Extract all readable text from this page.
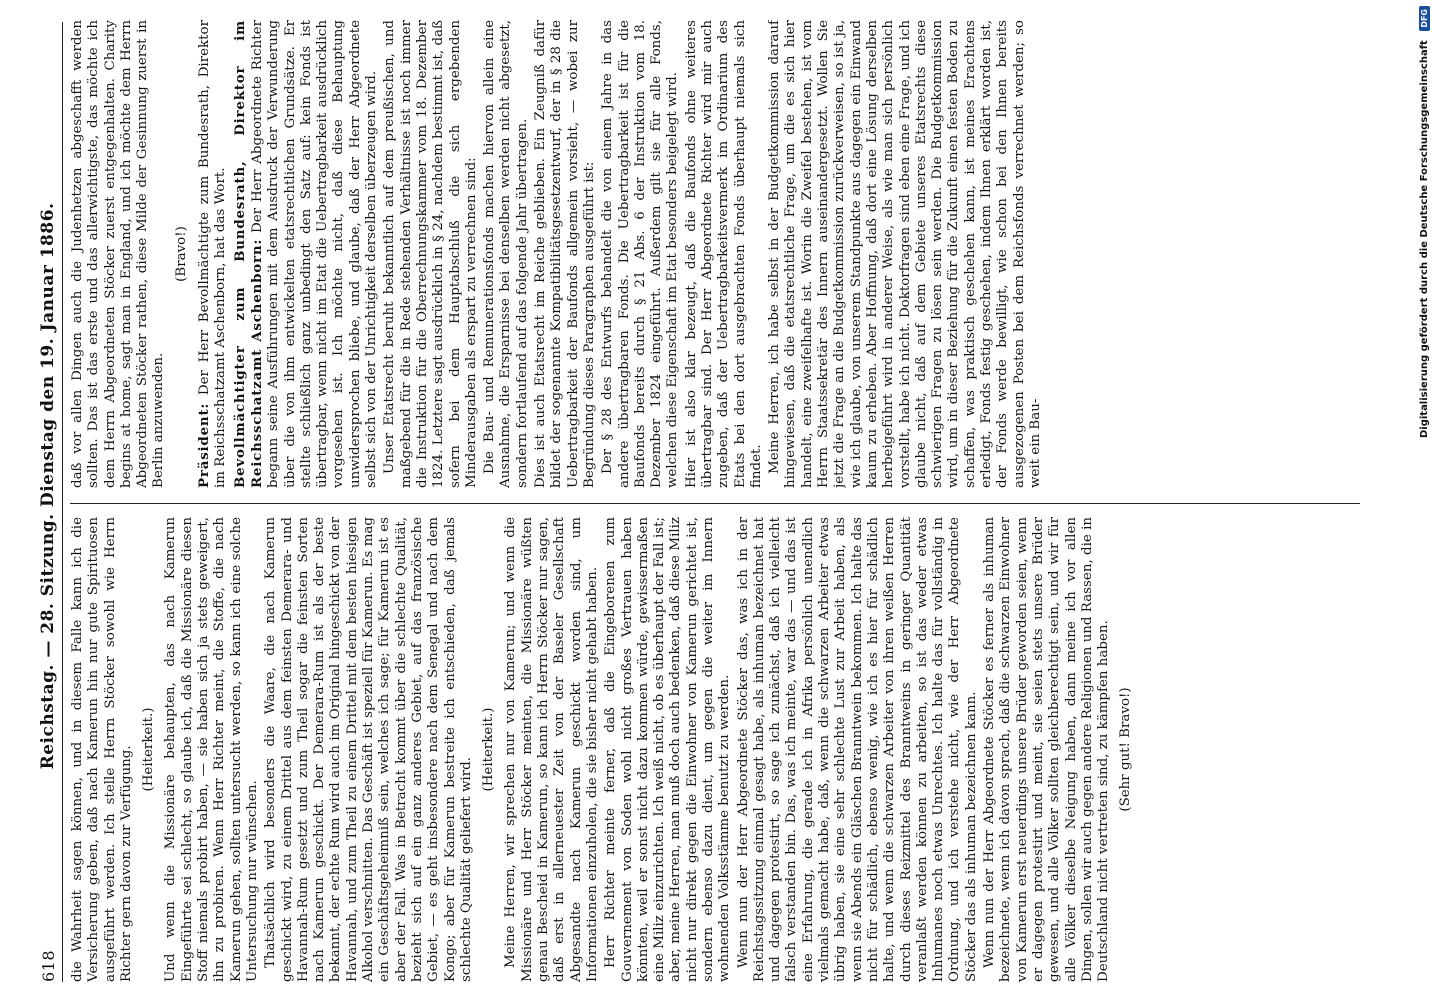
618
Reichstag. — 28. Sitzung. Dienstag den 19. Januar 1886. die Wahrheit sagen können, und in diesem Falle kann ich die Versicherung geben, daß nach Kamerun hin nur gute Spirituosen ausgeführt werden. Ich stelle Herrn Stöcker sowohl wie Herrn Richter gern davon zur Verfügung. (Heiterkeit.) Und wenn die Missionäre behaupten, das nach Kamerun Eingeführte sei schlecht, so glaube ich, daß die Missionäre diesen Stoff niemals probirt haben, — sie haben sich ja stets geweigert, ihn zu probiren. Wenn Herr Richter meint, die Stoffe, die nach Kamerun gehen, sollten untersucht werden, so kann ich eine solche Untersuchung nur wünschen. Thatsächlich wird besonders die Waare, die nach Kamerun geschickt wird, zu einem Drittel aus dem feinsten Demerara- und Havannah-Rum gesetzt und zum Theil sogar die feinsten Sorten nach Kamerun geschickt. Der Demerara-Rum ist als der beste bekannt, der echte Rum wird auch im Original hingeschickt von der Havannah, und zum Theil zu einem Drittel mit dem besten hiesigen Alkohol verschnitten. Das Geschäft ist speziell für Kamerun. Es mag ein Geschäftsgeheimniß sein, welches ich sage; für Kamerun ist es aber der Fall. Was in Betracht kommt über die schlechte Qualität, bezieht sich auf ein ganz anderes Gebiet, auf das französische Gebiet, — es geht insbesondere nach dem Senegal und nach dem Kongo; aber für Kamerun bestreite ich entschieden, daß jemals schlechte Qualität geliefert wird.

(Heiterkeit.) Meine Herren, wir sprechen nur von Kamerun; und wenn die Missionäre und Herr Stöcker meinten, die Missionäre wüßten genau Bescheid in Kamerun, so kann ich Herrn Stöcker nur sagen, daß erst in allerneuester Zeit von der Baseler Gesellschaft Abgesandte nach Kamerun geschickt worden sind, um Informationen einzuholen, die sie bisher nicht gehabt haben. Herr Richter meinte ferner, daß die Eingeborenen zum Gouvernement von Soden wohl nicht großes Vertrauen haben könnten, weil er sonst nicht dazu kommen würde, gewissermaßen eine Miliz einzurichten. Ich weiß nicht, ob es überhaupt der Fall ist; aber, meine Herren, man muß doch auch bedenken, daß diese Miliz nicht nur direkt gegen die Einwohner von Kamerun gerichtet ist, sondern ebenso dazu dient, um gegen die weiter im Innern wohnenden Volksstämme benutzt zu werden. Wenn nun der Herr Abgeordnete Stöcker das, was ich in der Reichstagssitzung einmal gesagt habe, als inhuman bezeichnet hat und dagegen protestirt, so sage ich zunächst, daß ich vielleicht falsch verstanden bin. Das, was ich meinte, war das — und das ist eine Erfahrung, die gerade ich in Afrika persönlich unendlich vielmals gemacht habe, daß, wenn die schwarzen Arbeiter etwas übrig haben, sie eine sehr schlechte Lust zur Arbeit haben, als wenn sie Abends ein Gläschen Branntwein bekommen. Ich halte das nicht für schädlich, ebenso wenig, wie ich es hier für schädlich halte, und wenn die schwarzen Arbeiter von ihren weißen Herren durch dieses Reizmittel des Branntweins in geringer Quantität veranlaßt werden können zu arbeiten, so ist das weder etwas Inhumanes noch etwas Unrechtes. Ich halte das für vollständig in Ordnung, und ich verstehe nicht, wie der Herr Abgeordnete Stöcker das als inhuman bezeichnen kann. Wenn nun der Herr Abgeordnete Stöcker es ferner als inhuman bezeichnete, wenn ich davon sprach, daß die schwarzen Einwohner von Kamerun erst neuerdings unsere Brüder geworden seien, wenn er dagegen protestirt und meint, sie seien stets unsere Brüder gewesen, und alle Völker sollten gleichberechtigt sein, und wir für alle Völker dieselbe Neigung haben, dann meine ich vor allen Dingen, sollen wir auch gegen andere Religionen und Rassen, die in Deutschland nicht vertreten sind, zu kämpfen haben. (Sehr gut! Bravo!)

daß vor allen Dingen auch die Judenhetzen abgeschafft werden sollten. Das ist das erste und das allerwichtigste, das möchte ich dem Herrn Abgeordneten Stöcker zuerst entgegenhalten. Charity begins at home, sagt man in England, und ich möchte dem Herrn Abgeordneten Stöcker rathen, diese Milde der Gesinnung zuerst in Berlin anzuwenden.

(Bravo!)

Präsident: Der Herr Bevollmächtigte zum Bundesrath, Direktor im Reichsschatzamt Aschenborn, hat das Wort. Bevollmächtigter zum Bundesrath, Direktor im Reichsschatzamt Aschenborn: Der Herr Abgeordnete Richter begann seine Ausführungen mit dem Ausdruck der Verwunderung über die von ihm entwickelten etatsrechtlichen Grundsätze. Er stellte schließlich ganz unbedingt den Satz auf: kein Fonds ist übertragbar, wenn nicht im Etat die Uebertragbarkeit ausdrücklich vorgesehen ist. Ich möchte nicht, daß diese Behauptung unwidersprochen bliebe, und glaube, daß der Herr Abgeordnete selbst sich von der Unrichtigkeit derselben überzeugen wird. Unser Etatsrecht beruht bekanntlich auf dem preußischen, und maßgebend für die in Rede stehenden Verhältnisse ist noch immer die Instruktion für die Oberrechnungskammer vom 18. Dezember 1824. Letztere sagt ausdrücklich in § 24, nachdem bestimmt ist, daß sofern bei dem Hauptabschluß die sich ergebenden Minderausgaben als erspart zu verrechnen sind: Die Bau- und Remunerationsfonds machen hiervon allein eine Ausnahme, die Ersparnisse bei denselben werden nicht abgesetzt, sondern fortlaufend auf das folgende Jahr übertragen. Dies ist auch Etatsrecht im Reiche geblieben. Ein Zeugniß dafür bildet der sogenannte Kompatibilitätsgesetzentwurf, der in § 28 die Uebertragbarkeit der Baufonds allgemein vorsieht, — wobei zur Begründung dieses Paragraphen ausgeführt ist: Der § 28 des Entwurfs behandelt die von einem Jahre in das andere übertragbaren Fonds. Die Uebertragbarkeit ist für die Baufonds bereits durch § 21 Abs. 6 der Instruktion vom 18. Dezember 1824 eingeführt. Außerdem gilt sie für alle Fonds, welchen diese Eigenschaft im Etat besonders beigelegt wird. Hier ist also klar bezeugt, daß die Baufonds ohne weiteres übertragbar sind. Der Herr Abgeordnete Richter wird mir auch zugeben, daß der Uebertragbarkeitsvermerk im Ordinarium des Etats bei den dort ausgebrachten Fonds überhaupt niemals sich findet. Meine Herren, ich habe selbst in der Budgetkommission darauf hingewiesen, daß die etatsrechtliche Frage, um die es sich hier handelt, eine zweifelhafte ist. Worin die Zweifel bestehen, ist vom Herrn Staatssekretär des Innern auseinandergesetzt. Wollen Sie jetzt die Frage an die Budgetkommission zurückverweisen, so ist ja, wie ich glaube, von unserem Standpunkte aus dagegen ein Einwand kaum zu erheben. Aber Hoffnung, daß dort eine Lösung derselben herbeigeführt wird in anderer Weise, als wie man sich persönlich vorstellt, habe ich nicht. Doktorfragen sind eben eine Frage, und ich glaube nicht, daß auf dem Gebiete unseres Etatsrechts diese schwierigen Fragen zu lösen sein werden. Die Budgetkommission wird, um in dieser Beziehung für die Zukunft einen festen Boden zu schaffen, was praktisch geschehen kann, ist meines Erachtens erledigt, Fonds festig geschehen, indem Ihnen erklärt worden ist, der Fonds werde bewilligt, wie schon bei den Ihnen bereits ausgezogenen Posten bei dem Reichsfonds verrechnet werden; so weit ein Bau-

Digitalisierung gefördert durch die Deutsche Forschungsgemeinschaft DFG
